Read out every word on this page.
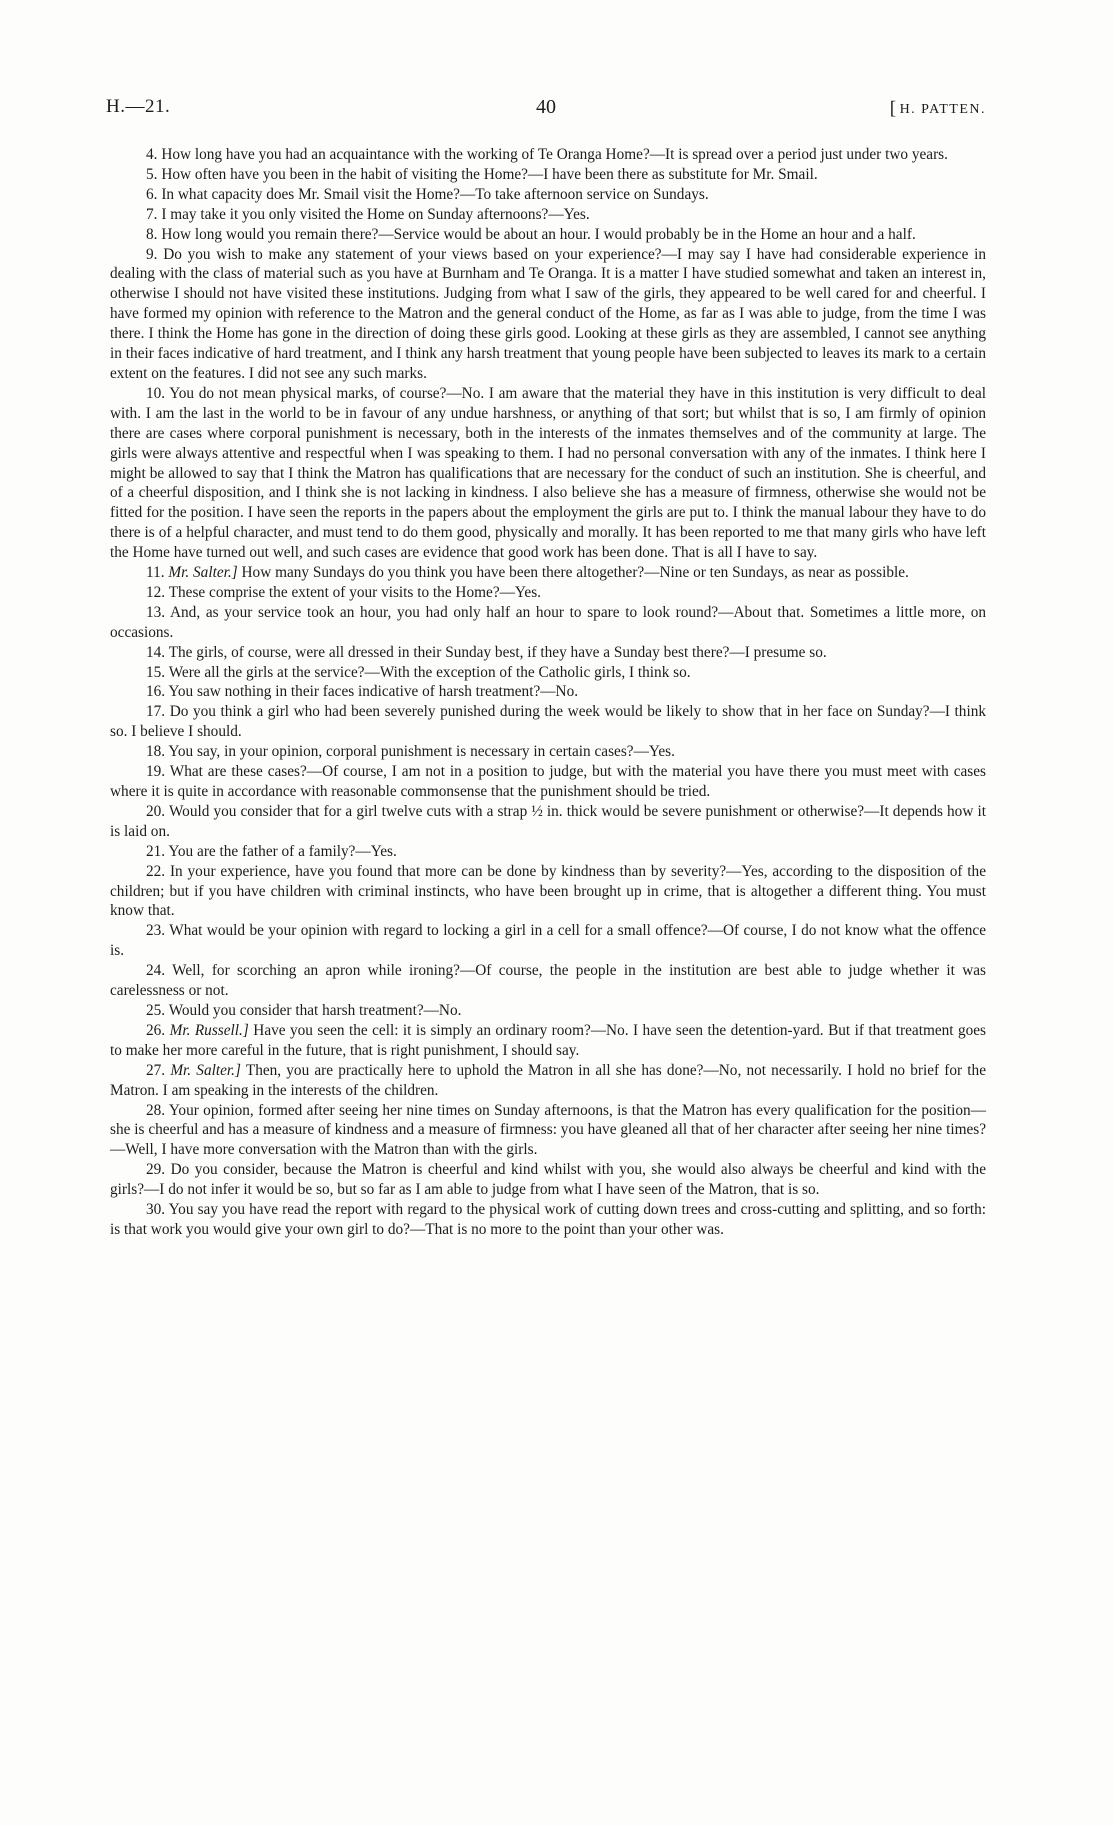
H.—21.	40
[	H. PATTEN .

4. How long have you had an acquaintance with the working of Te Oranga Home?—It is spread over a period just under two years.

5. How often have you been in the habit of visiting the Home?—I have been there as substitute for Mr. Smail.

6. In what capacity does Mr. Smail visit the Home?—To take afternoon service on Sundays.

7. I may take it you only visited the Home on Sunday afternoons?—Yes.

8. How long would you remain there?—Service would be about an hour. I would probably be in the Home an hour and a half.

9. Do you wish to make any statement of your views based on your experience?—I may say I have had considerable experience in dealing with the class of material such as you have at Burnham and Te Oranga. It is a matter I have studied somewhat and taken an interest in, otherwise I should not have visited these institutions. Judging from what I saw of the girls, they appeared to be well cared for and cheerful. I have formed my opinion with reference to the Matron and the general conduct of the Home, as far as I was able to judge, from the time I was there. I think the Home has gone in the direction of doing these girls good. Looking at these girls as they are assembled, I cannot see anything in their faces indicative of hard treatment, and I think any harsh treatment that young people have been subjected to leaves its mark to a certain extent on the features. I did not see any such marks.

10. You do not mean physical marks, of course?—No. I am aware that the material they have in this institution is very difficult to deal with. I am the last in the world to be in favour of any undue harshness, or anything of that sort; but whilst that is so, I am firmly of opinion there are cases where corporal punishment is necessary, both in the interests of the inmates themselves and of the community at large. The girls were always attentive and respectful when I was speaking to them. I had no personal conversation with any of the inmates. I think here I might be allowed to say that I think the Matron has qualifications that are necessary for the conduct of such an institution. She is cheerful, and of a cheerful disposition, and I think she is not lacking in kindness. I also believe she has a measure of firmness, otherwise she would not be fitted for the position. I have seen the reports in the papers about the employment the girls are put to. I think the manual labour they have to do there is of a helpful character, and must tend to do them good, physically and morally. It has been reported to me that many girls who have left the Home have turned out well, and such cases are evidence that good work has been done. That is all I have to say.

11. Mr. Salter.] How many Sundays do you think you have been there altogether?—Nine or ten Sundays, as near as possible.

12. These comprise the extent of your visits to the Home?—Yes.

13. And, as your service took an hour, you had only half an hour to spare to look round?—About that. Sometimes a little more, on occasions.

14. The girls, of course, were all dressed in their Sunday best, if they have a Sunday best there?—I presume so.

15. Were all the girls at the service?—With the exception of the Catholic girls, I think so.

16. You saw nothing in their faces indicative of harsh treatment?—No.

17. Do you think a girl who had been severely punished during the week would be likely to show that in her face on Sunday?—I think so. I believe I should.

18. You say, in your opinion, corporal punishment is necessary in certain cases?—Yes.

19. What are these cases?—Of course, I am not in a position to judge, but with the material you have there you must meet with cases where it is quite in accordance with reasonable commonsense that the punishment should be tried.

20. Would you consider that for a girl twelve cuts with a strap ½ in. thick would be severe punishment or otherwise?—It depends how it is laid on.

21. You are the father of a family?—Yes.

22. In your experience, have you found that more can be done by kindness than by severity?—Yes, according to the disposition of the children; but if you have children with criminal instincts, who have been brought up in crime, that is altogether a different thing. You must know that.

23. What would be your opinion with regard to locking a girl in a cell for a small offence?—Of course, I do not know what the offence is.

24. Well, for scorching an apron while ironing?—Of course, the people in the institution are best able to judge whether it was carelessness or not.

25. Would you consider that harsh treatment?—No.

26. Mr. Russell.] Have you seen the cell: it is simply an ordinary room?—No. I have seen the detention-yard. But if that treatment goes to make her more careful in the future, that is right punishment, I should say.

27. Mr. Salter.] Then, you are practically here to uphold the Matron in all she has done?—No, not necessarily. I hold no brief for the Matron. I am speaking in the interests of the children.

28. Your opinion, formed after seeing her nine times on Sunday afternoons, is that the Matron has every qualification for the position—she is cheerful and has a measure of kindness and a measure of firmness: you have gleaned all that of her character after seeing her nine times?—Well, I have more conversation with the Matron than with the girls.

29. Do you consider, because the Matron is cheerful and kind whilst with you, she would also always be cheerful and kind with the girls?—I do not infer it would be so, but so far as I am able to judge from what I have seen of the Matron, that is so.

30. You say you have read the report with regard to the physical work of cutting down trees and cross-cutting and splitting, and so forth: is that work you would give your own girl to do?—That is no more to the point than your other was.
